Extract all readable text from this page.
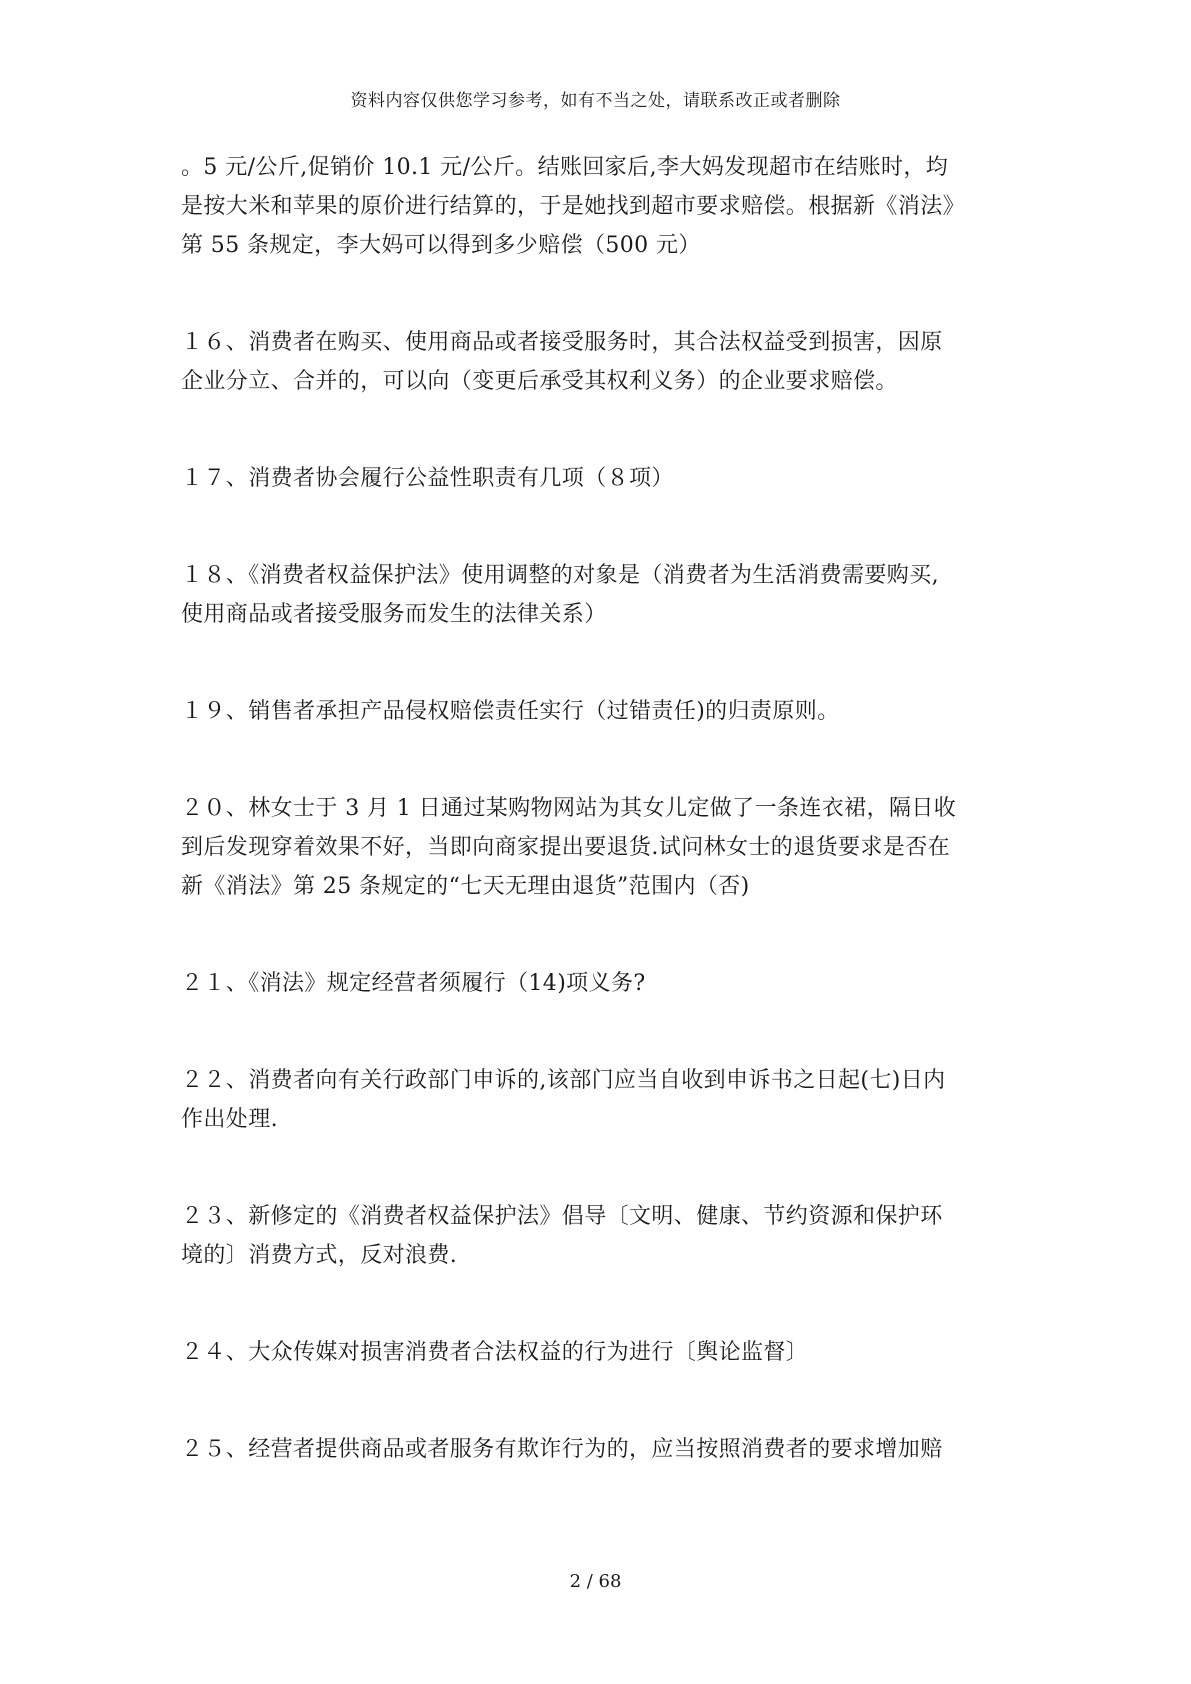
资料内容仅供您学习参考，如有不当之处，请联系改正或者删除
。5 元/公斤,促销价 10.1 元/公斤。结账回家后,李大妈发现超市在结账时，均
是按大米和苹果的原价进行结算的，于是她找到超市要求赔偿。根据新《消法》
第 55 条规定，李大妈可以得到多少赔偿（500 元）
１６、消费者在购买、使用商品或者接受服务时，其合法权益受到损害，因原
企业分立、合并的，可以向（变更后承受其权利义务）的企业要求赔偿。
１７、消费者协会履行公益性职责有几项（８项）
１８、《消费者权益保护法》使用调整的对象是（消费者为生活消费需要购买,
使用商品或者接受服务而发生的法律关系）
１９、销售者承担产品侵权赔偿责任实行（过错责任)的归责原则。
２０、林女士于 3 月 1 日通过某购物网站为其女儿定做了一条连衣裙，隔日收
到后发现穿着效果不好，当即向商家提出要退货.试问林女士的退货要求是否在
新《消法》第 25 条规定的“七天无理由退货”范围内（否)
２１、《消法》规定经营者须履行（14)项义务?
２２、消费者向有关行政部门申诉的,该部门应当自收到申诉书之日起(七)日内
作出处理.
２３、新修定的《消费者权益保护法》倡导〔文明、健康、节约资源和保护环
境的〕消费方式，反对浪费.
２４、大众传媒对损害消费者合法权益的行为进行〔舆论监督〕
２５、经营者提供商品或者服务有欺诈行为的，应当按照消费者的要求增加赔
2 / 68
